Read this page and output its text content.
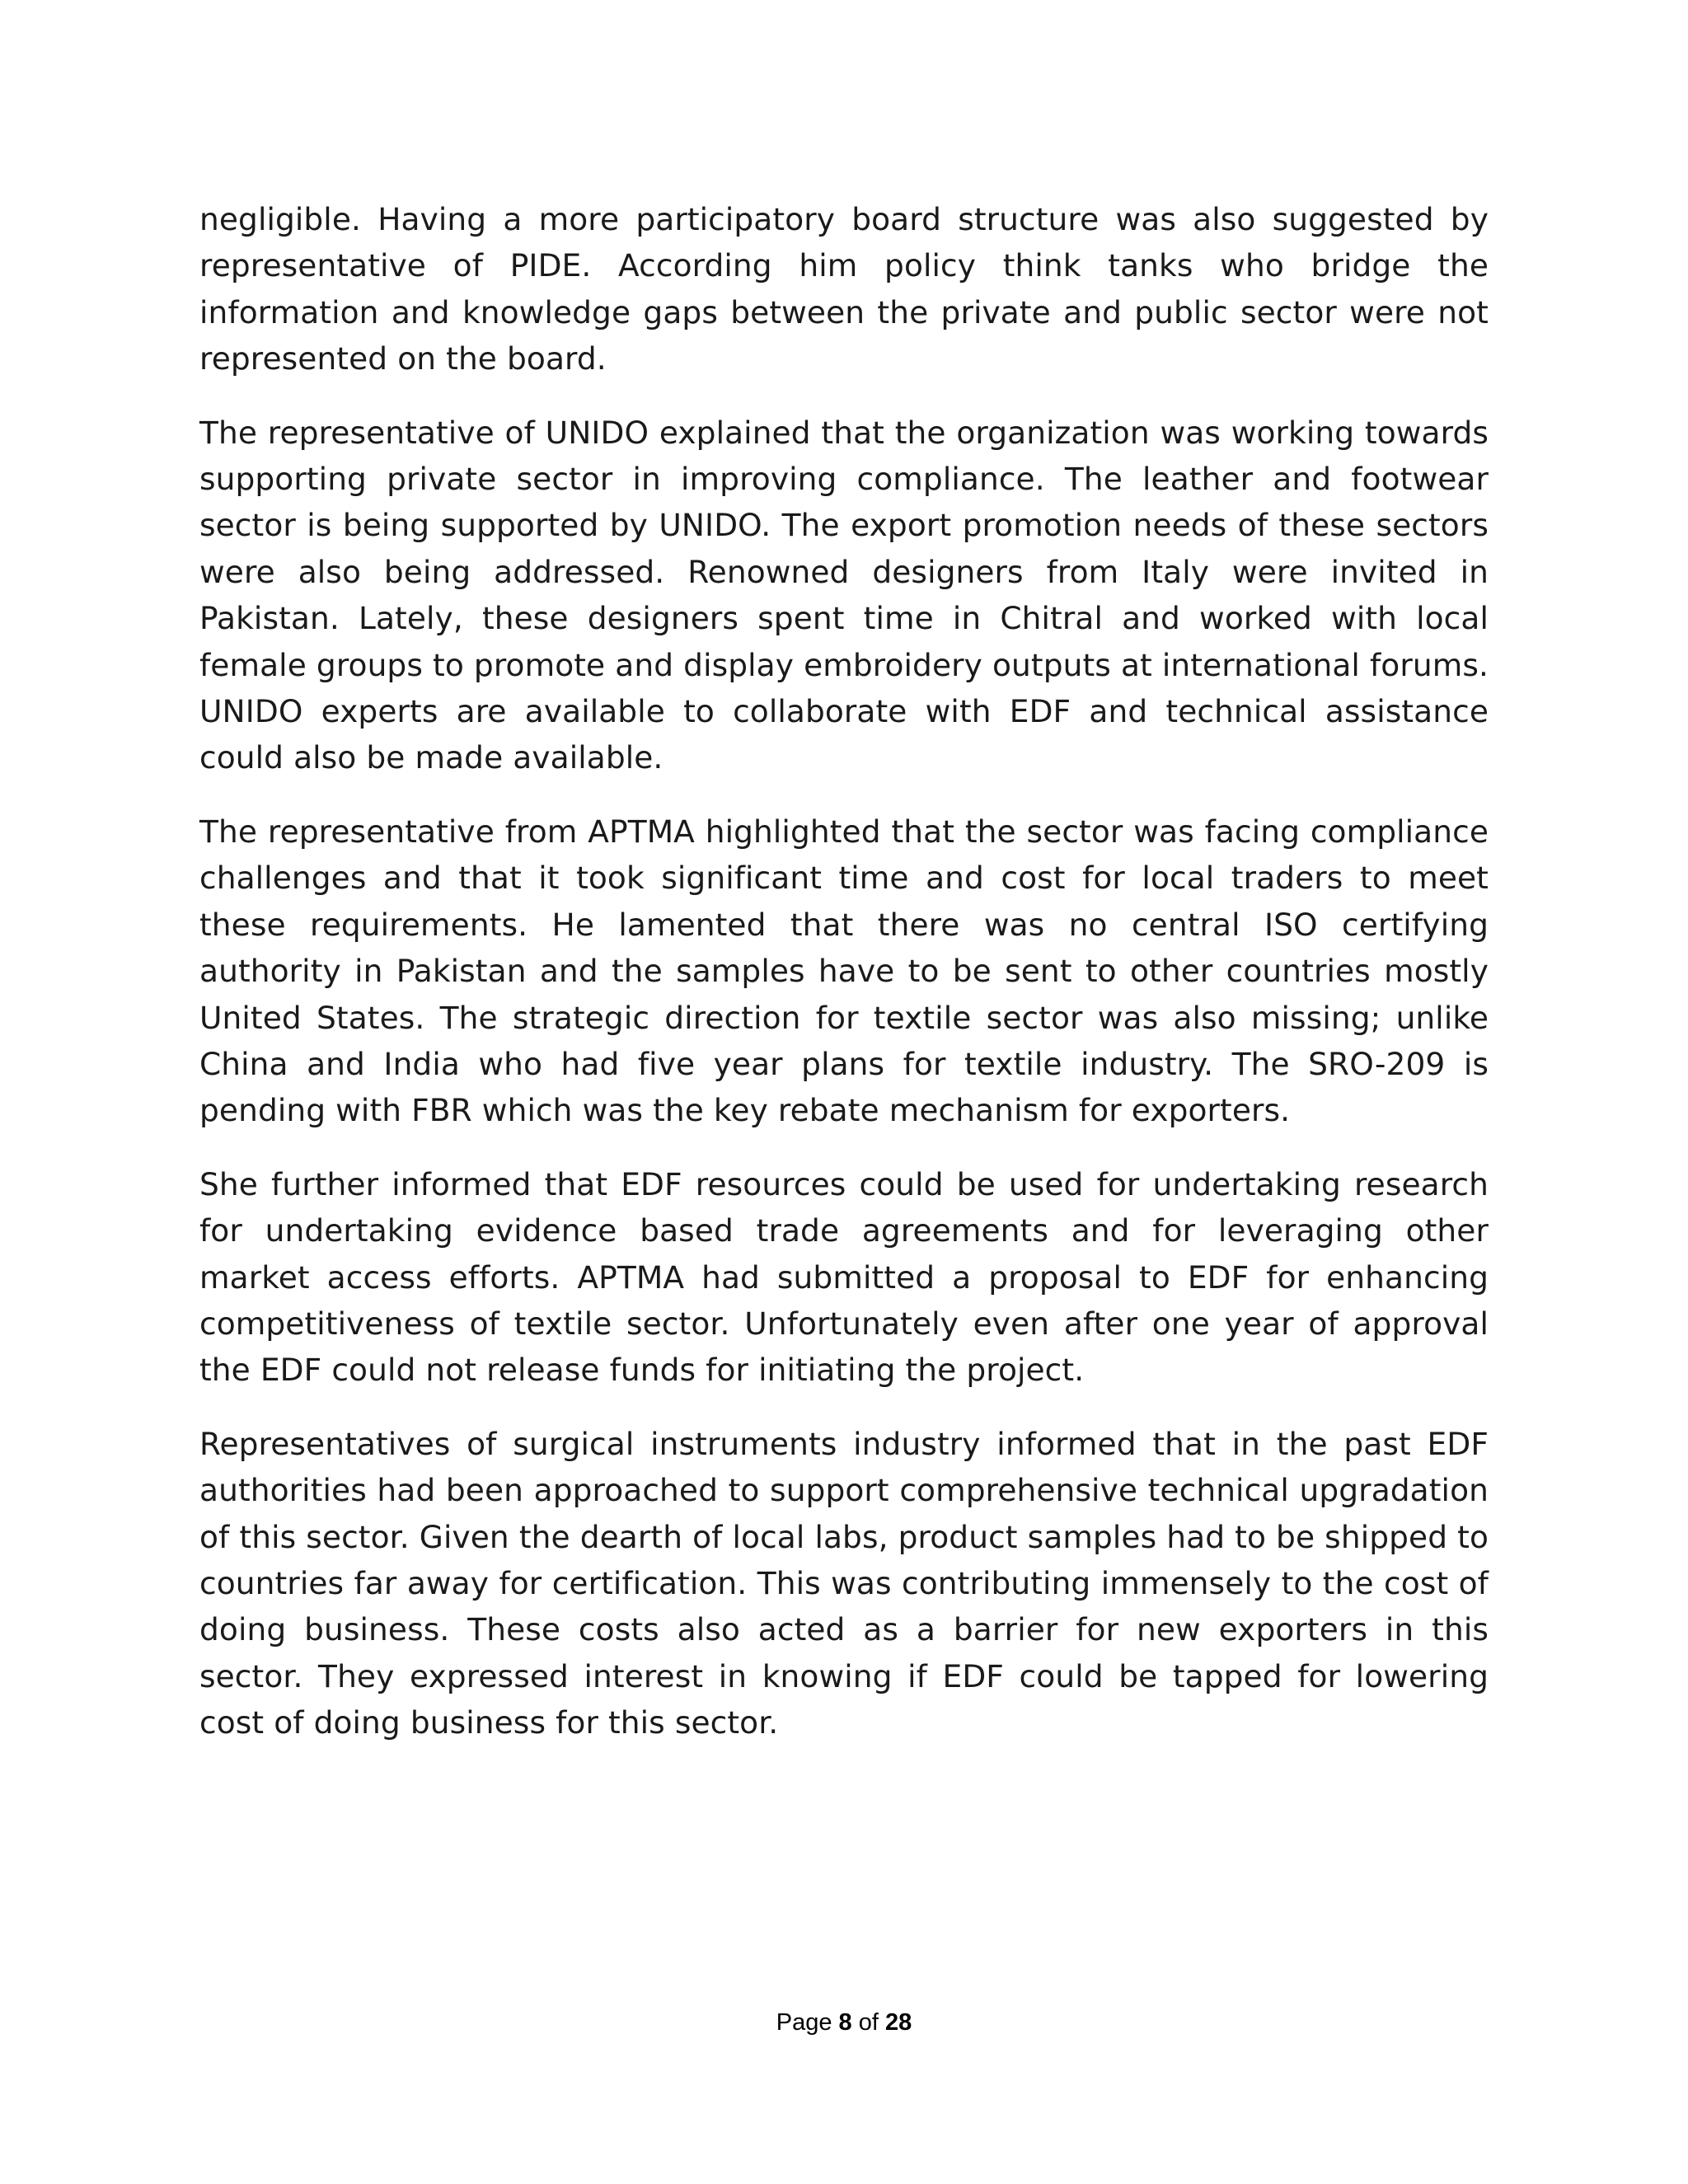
negligible. Having a more participatory board structure was also suggested by representative of PIDE. According him policy think tanks who bridge the information and knowledge gaps between the private and public sector were not represented on the board.

The representative of UNIDO explained that the organization was working towards supporting private sector in improving compliance. The leather and footwear sector is being supported by UNIDO. The export promotion needs of these sectors were also being addressed. Renowned designers from Italy were invited in Pakistan. Lately, these designers spent time in Chitral and worked with local female groups to promote and display embroidery outputs at international forums. UNIDO experts are available to collaborate with EDF and technical assistance could also be made available.

The representative from APTMA highlighted that the sector was facing compliance challenges and that it took significant time and cost for local traders to meet these requirements. He lamented that there was no central ISO certifying authority in Pakistan and the samples have to be sent to other countries mostly United States. The strategic direction for textile sector was also missing; unlike China and India who had five year plans for textile industry. The SRO-209 is pending with FBR which was the key rebate mechanism for exporters.

She further informed that EDF resources could be used for undertaking research for undertaking evidence based trade agreements and for leveraging other market access efforts. APTMA had submitted a proposal to EDF for enhancing competitiveness of textile sector. Unfortunately even after one year of approval the EDF could not release funds for initiating the project.

Representatives of surgical instruments industry informed that in the past EDF authorities had been approached to support comprehensive technical upgradation of this sector. Given the dearth of local labs, product samples had to be shipped to countries far away for certification. This was contributing immensely to the cost of doing business. These costs also acted as a barrier for new exporters in this sector. They expressed interest in knowing if EDF could be tapped for lowering cost of doing business for this sector.

Page 8 of 28
